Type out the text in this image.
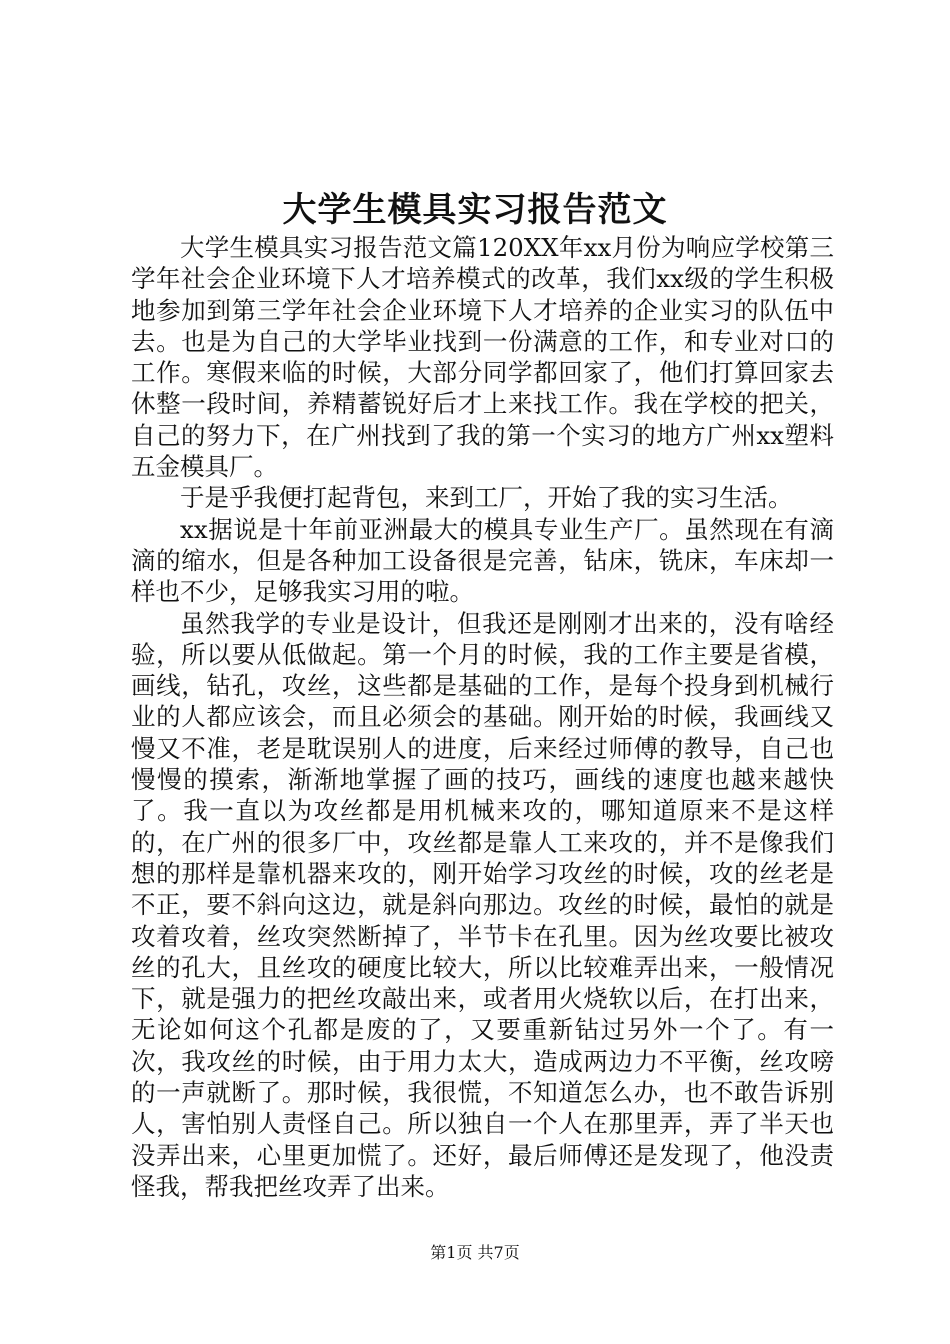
大学生模具实习报告范文

大学生模具实习报告范文篇120XX年xx月份为响应学校第三学年社会企业环境下人才培养模式的改革，我们xx级的学生积极地参加到第三学年社会企业环境下人才培养的企业实习的队伍中去。也是为自己的大学毕业找到一份满意的工作，和专业对口的工作。寒假来临的时候，大部分同学都回家了，他们打算回家去休整一段时间，养精蓄锐好后才上来找工作。我在学校的把关，自己的努力下，在广州找到了我的第一个实习的地方广州xx塑料五金模具厂。

于是乎我便打起背包，来到工厂，开始了我的实习生活。

xx据说是十年前亚洲最大的模具专业生产厂。虽然现在有滴滴的缩水，但是各种加工设备很是完善，钻床，铣床，车床却一样也不少，足够我实习用的啦。

虽然我学的专业是设计，但我还是刚刚才出来的，没有啥经验，所以要从低做起。第一个月的时候，我的工作主要是省模，画线，钻孔，攻丝，这些都是基础的工作，是每个投身到机械行业的人都应该会，而且必须会的基础。刚开始的时候，我画线又慢又不准，老是耽误别人的进度，后来经过师傅的教导，自己也慢慢的摸索，渐渐地掌握了画的技巧，画线的速度也越来越快了。我一直以为攻丝都是用机械来攻的，哪知道原来不是这样的，在广州的很多厂中，攻丝都是靠人工来攻的，并不是像我们想的那样是靠机器来攻的，刚开始学习攻丝的时候，攻的丝老是不正，要不斜向这边，就是斜向那边。攻丝的时候，最怕的就是攻着攻着，丝攻突然断掉了，半节卡在孔里。因为丝攻要比被攻丝的孔大，且丝攻的硬度比较大，所以比较难弄出来，一般情况下，就是强力的把丝攻敲出来，或者用火烧软以后，在打出来，无论如何这个孔都是废的了，又要重新钻过另外一个了。有一次，我攻丝的时候，由于用力太大，造成两边力不平衡，丝攻嗙的一声就断了。那时候，我很慌，不知道怎么办，也不敢告诉别人，害怕别人责怪自己。所以独自一个人在那里弄，弄了半天也没弄出来，心里更加慌了。还好，最后师傅还是发现了，他没责怪我，帮我把丝攻弄了出来。

第1页 共7页
